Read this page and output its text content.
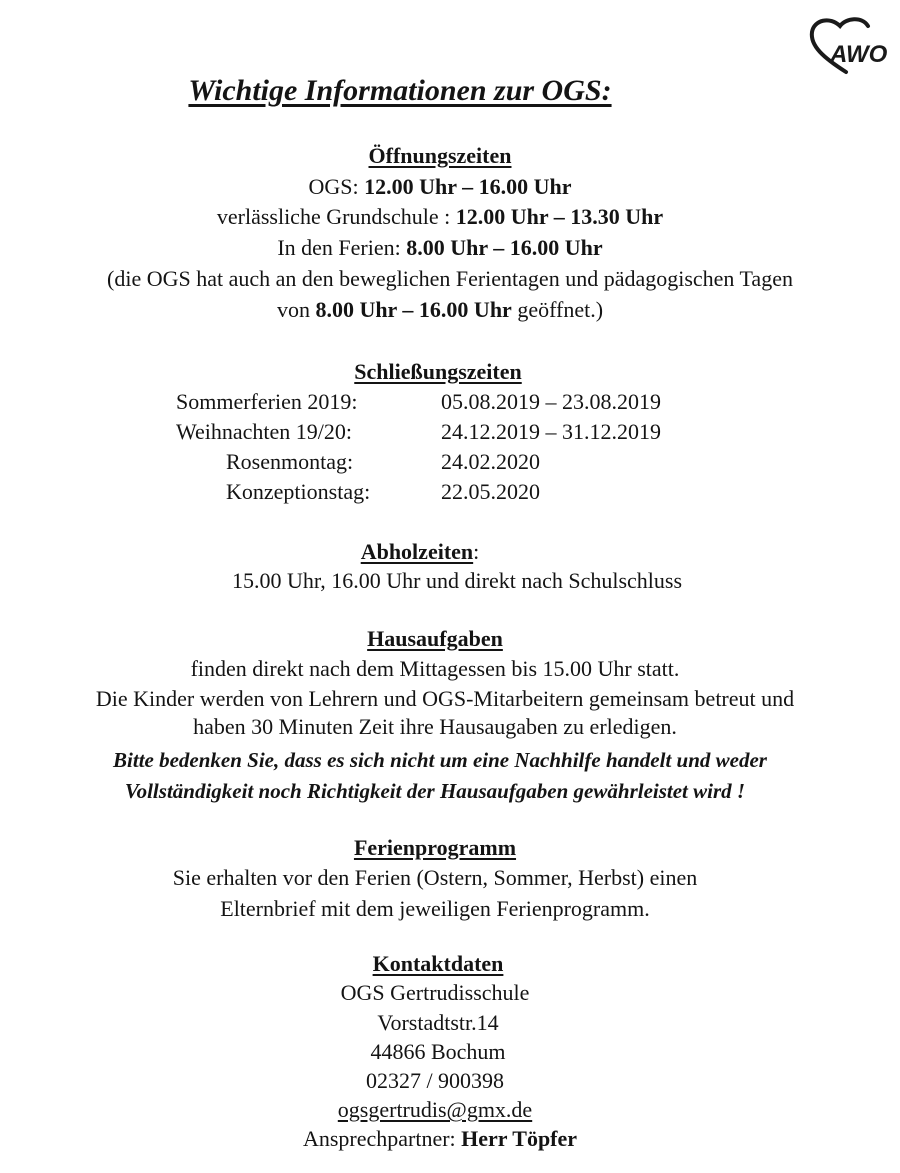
AWO
Wichtige Informationen zur OGS:
Öffnungszeiten
OGS: 12.00 Uhr – 16.00 Uhr
verlässliche Grundschule : 12.00 Uhr – 13.30 Uhr
In den Ferien: 8.00 Uhr – 16.00 Uhr
(die OGS hat auch an den beweglichen Ferientagen und pädagogischen Tagen
von 8.00 Uhr – 16.00 Uhr geöffnet.)
Schließungszeiten
Sommerferien 2019:	05.08.2019 – 23.08.2019
Weihnachten 19/20:	24.12.2019 – 31.12.2019
Rosenmontag:	24.02.2020
Konzeptionstag:	22.05.2020
Abholzeiten:
15.00 Uhr, 16.00 Uhr und direkt nach Schulschluss
Hausaufgaben
finden direkt nach dem Mittagessen bis 15.00 Uhr statt.
Die Kinder werden von Lehrern und OGS-Mitarbeitern gemeinsam betreut und
haben 30 Minuten Zeit ihre Hausaugaben zu erledigen.
Bitte bedenken Sie, dass es sich nicht um eine Nachhilfe handelt und weder
Vollständigkeit noch Richtigkeit der Hausaufgaben gewährleistet wird !
Ferienprogramm
Sie erhalten vor den Ferien (Ostern, Sommer, Herbst) einen
Elternbrief mit dem jeweiligen Ferienprogramm.
Kontaktdaten
OGS Gertrudisschule
Vorstadtstr.14
44866 Bochum
02327 / 900398
ogsgertrudis@gmx.de
Ansprechpartner: Herr Töpfer
